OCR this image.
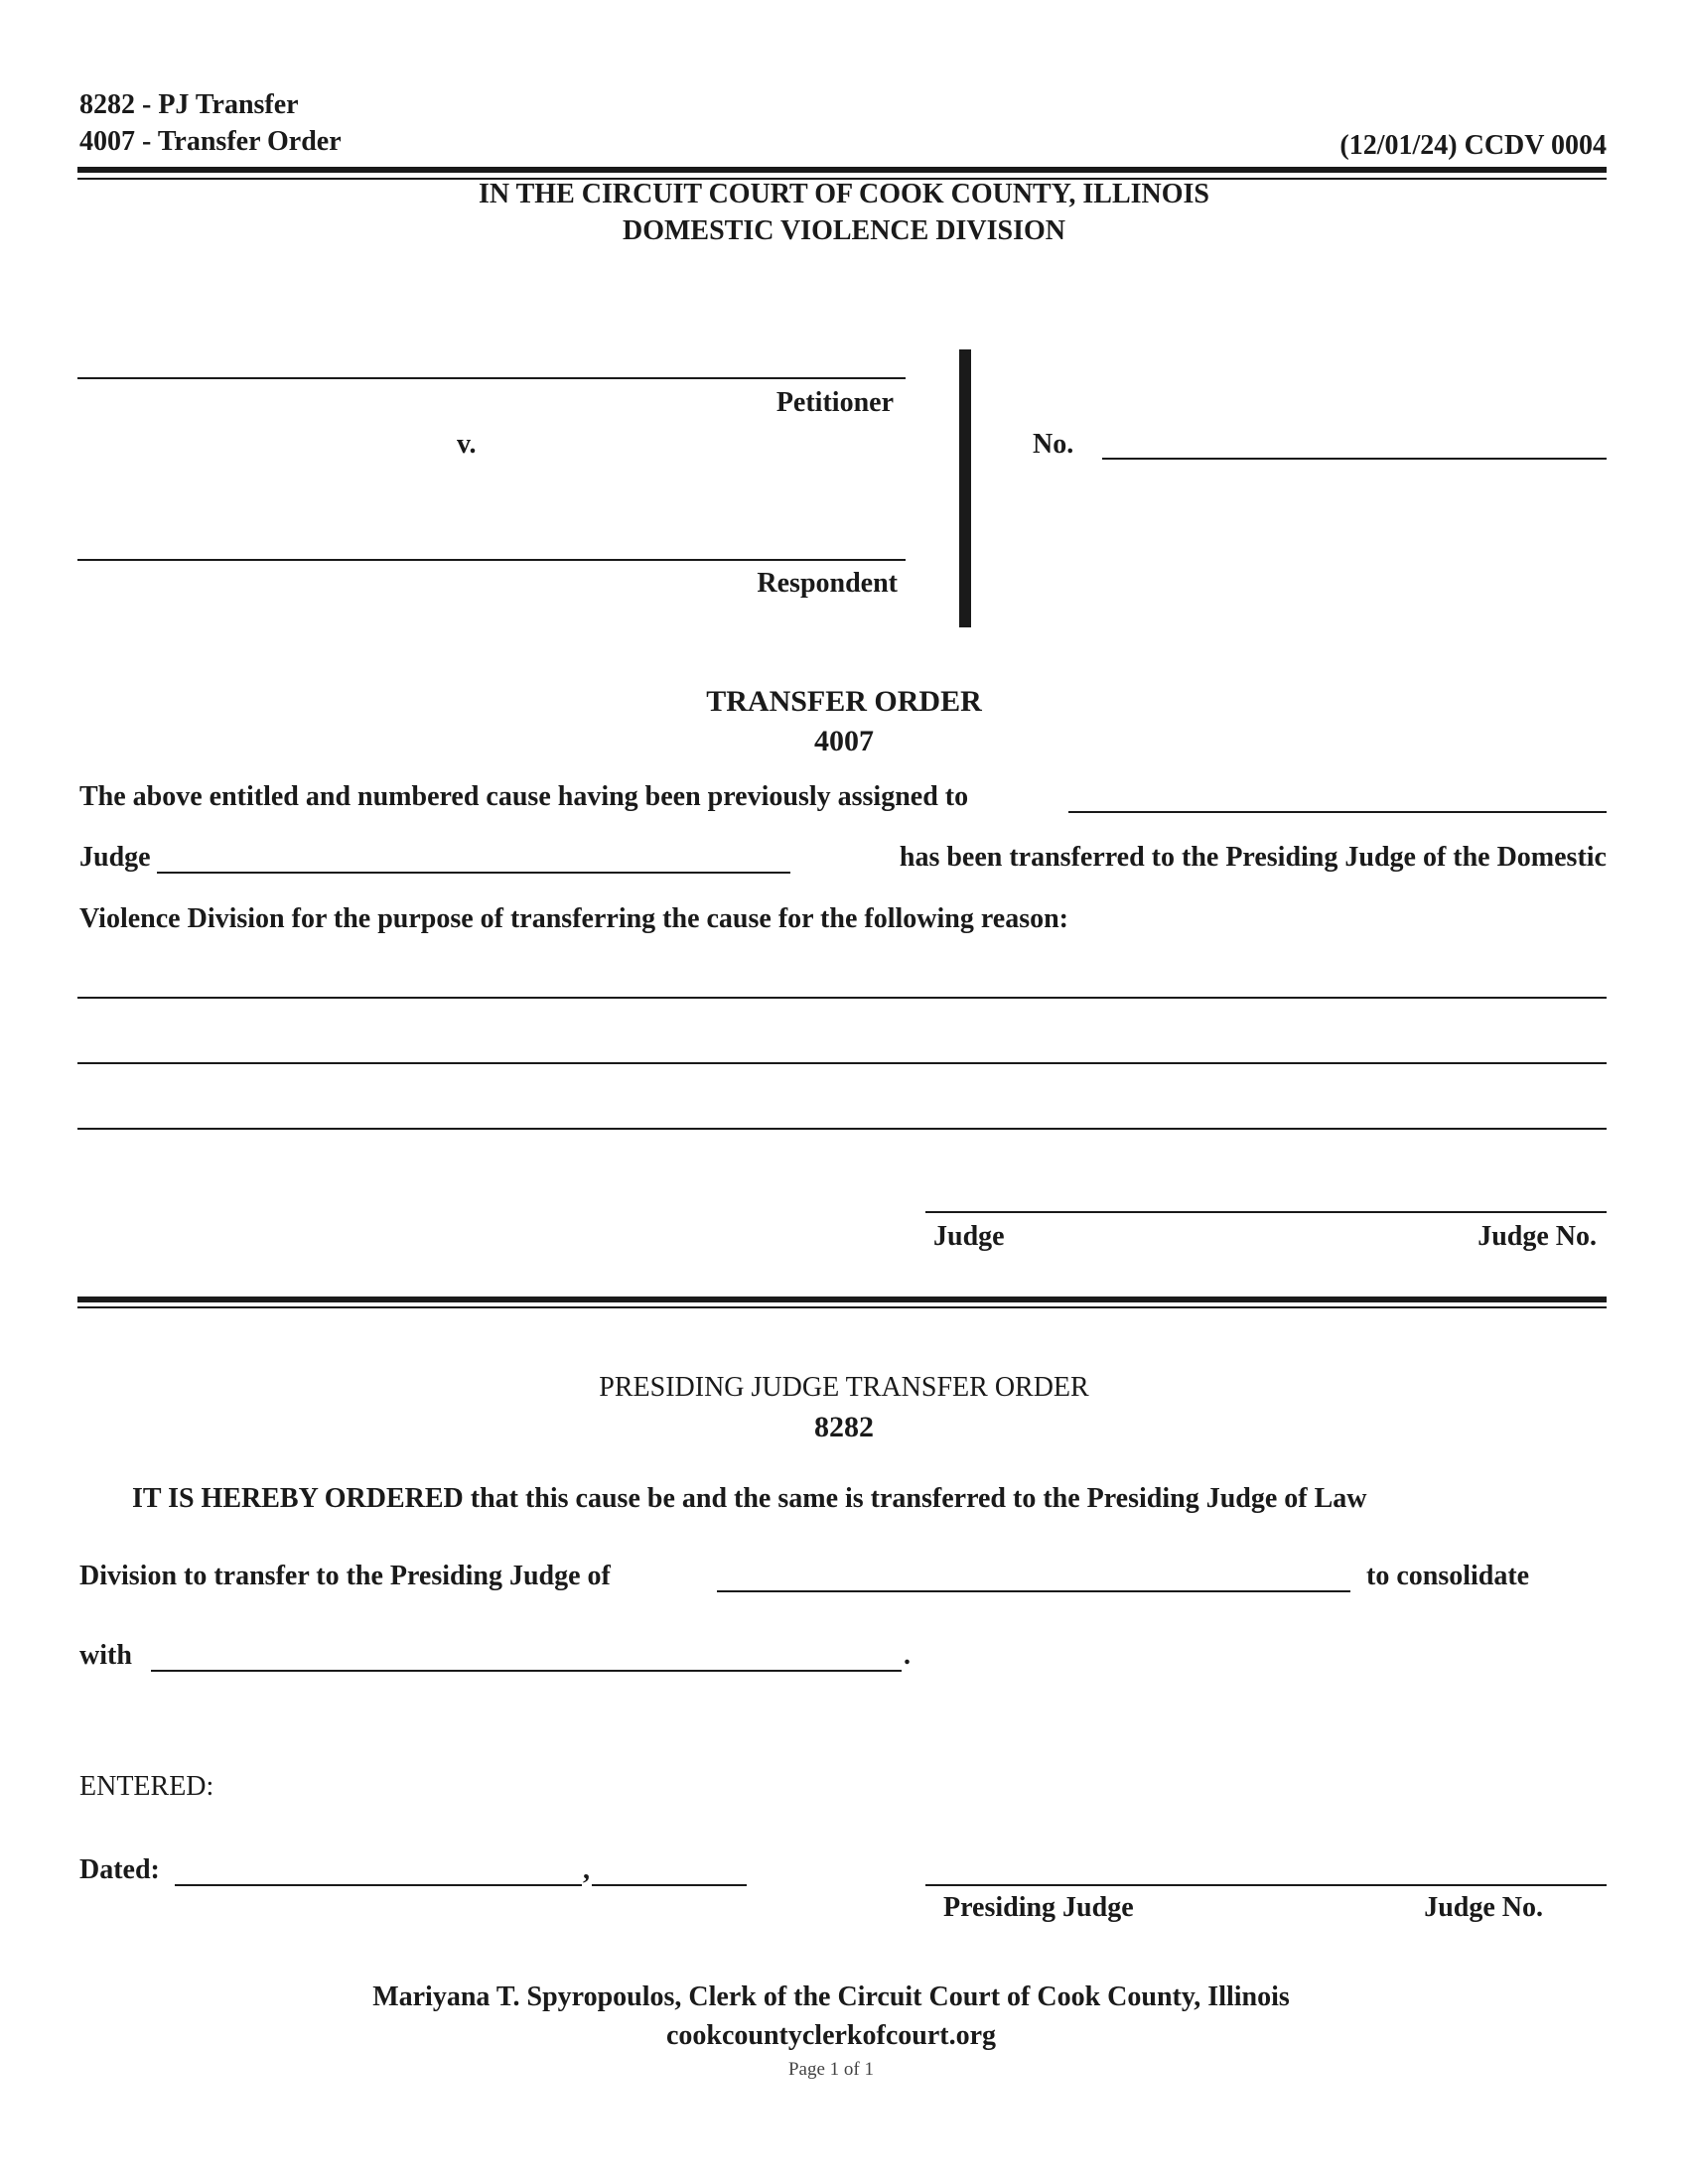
8282 - PJ Transfer
4007 - Transfer Order	(12/01/24) CCDV 0004
IN THE CIRCUIT COURT OF COOK COUNTY, ILLINOIS
DOMESTIC VIOLENCE DIVISION
Petitioner
v.
Respondent
No.
TRANSFER ORDER
4007
The above entitled and numbered cause having been previously assigned to
Judge	has been transferred to the Presiding Judge of the Domestic
Violence Division for the purpose of transferring the cause for the following reason:
Judge	Judge No.
PRESIDING JUDGE TRANSFER ORDER
8282
IT IS HEREBY ORDERED that this cause be and the same is transferred to the Presiding Judge of Law
Division to transfer to the Presiding Judge of	to consolidate
with	.
ENTERED:
Dated:	,
Presiding Judge	Judge No.
Mariyana T. Spyropoulos, Clerk of the Circuit Court of Cook County, Illinois
cookcountyclerkofcourt.org
Page 1 of 1
